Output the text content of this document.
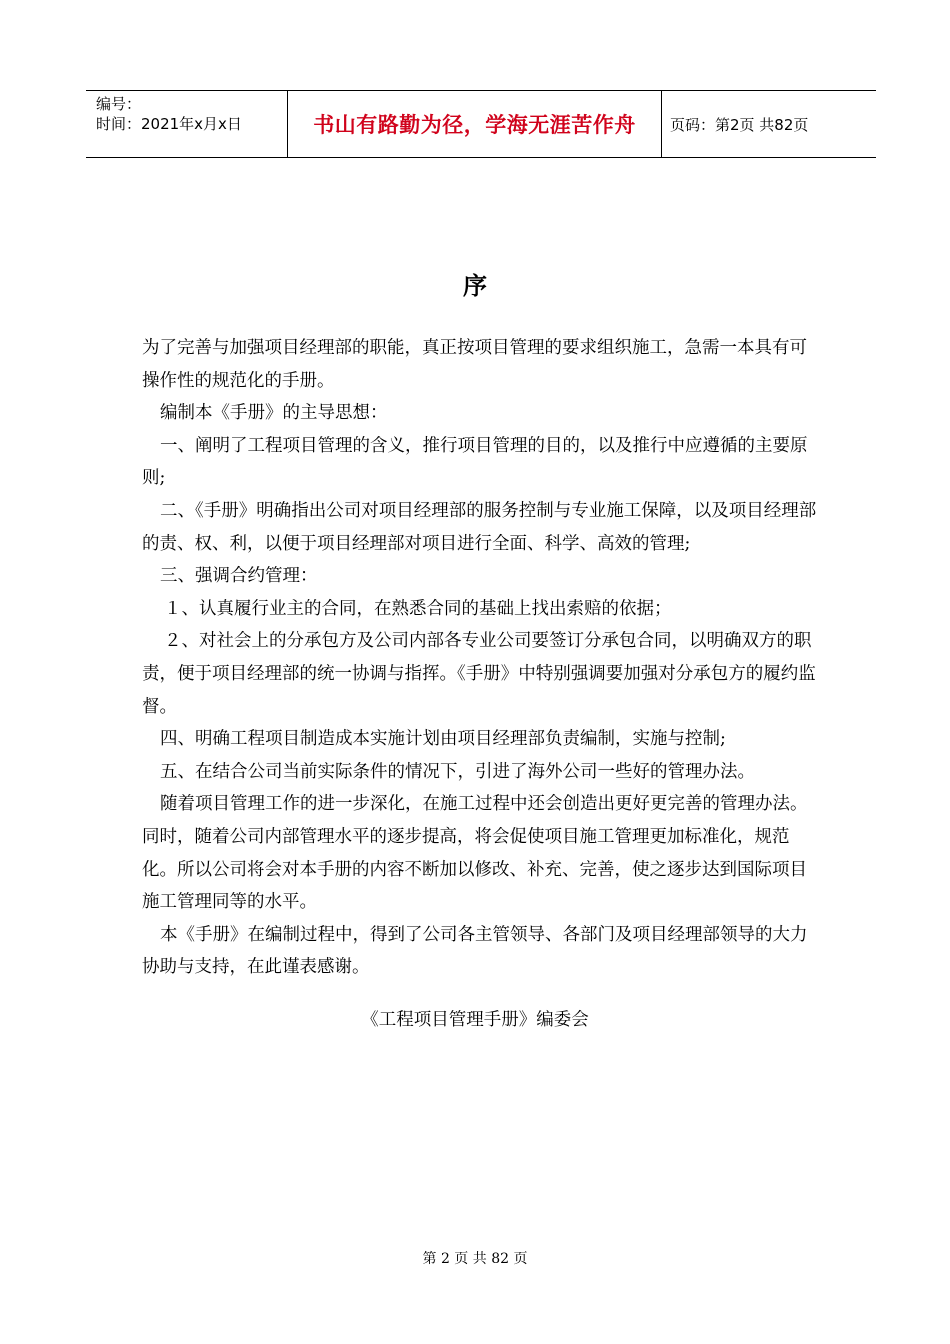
编号：
时间：2021年x月x日	书山有路勤为径，学海无涯苦作舟 页码：第2页 共82页
序

为了完善与加强项目经理部的职能，真正按项目管理的要求组织施工，急需一本具有可操作性的规范化的手册。

编制本《手册》的主导思想：

一、阐明了工程项目管理的含义，推行项目管理的目的，以及推行中应遵循的主要原则;

二、《手册》明确指出公司对项目经理部的服务控制与专业施工保障，以及项目经理部的责、权、利，以便于项目经理部对项目进行全面、科学、高效的管理;

三、强调合约管理：

１、认真履行业主的合同，在熟悉合同的基础上找出索赔的依据；

２、对社会上的分承包方及公司内部各专业公司要签订分承包合同，以明确双方的职责，便于项目经理部的统一协调与指挥。《手册》中特别强调要加强对分承包方的履约监督。

四、明确工程项目制造成本实施计划由项目经理部负责编制，实施与控制;

五、在结合公司当前实际条件的情况下，引进了海外公司一些好的管理办法。

随着项目管理工作的进一步深化，在施工过程中还会创造出更好更完善的管理办法。同时，随着公司内部管理水平的逐步提高，将会促使项目施工管理更加标准化，规范化。所以公司将会对本手册的内容不断加以修改、补充、完善，使之逐步达到国际项目施工管理同等的水平。

本《手册》在编制过程中，得到了公司各主管领导、各部门及项目经理部领导的大力协助与支持，在此谨表感谢。

《工程项目管理手册》编委会
第 2 页 共 82 页
